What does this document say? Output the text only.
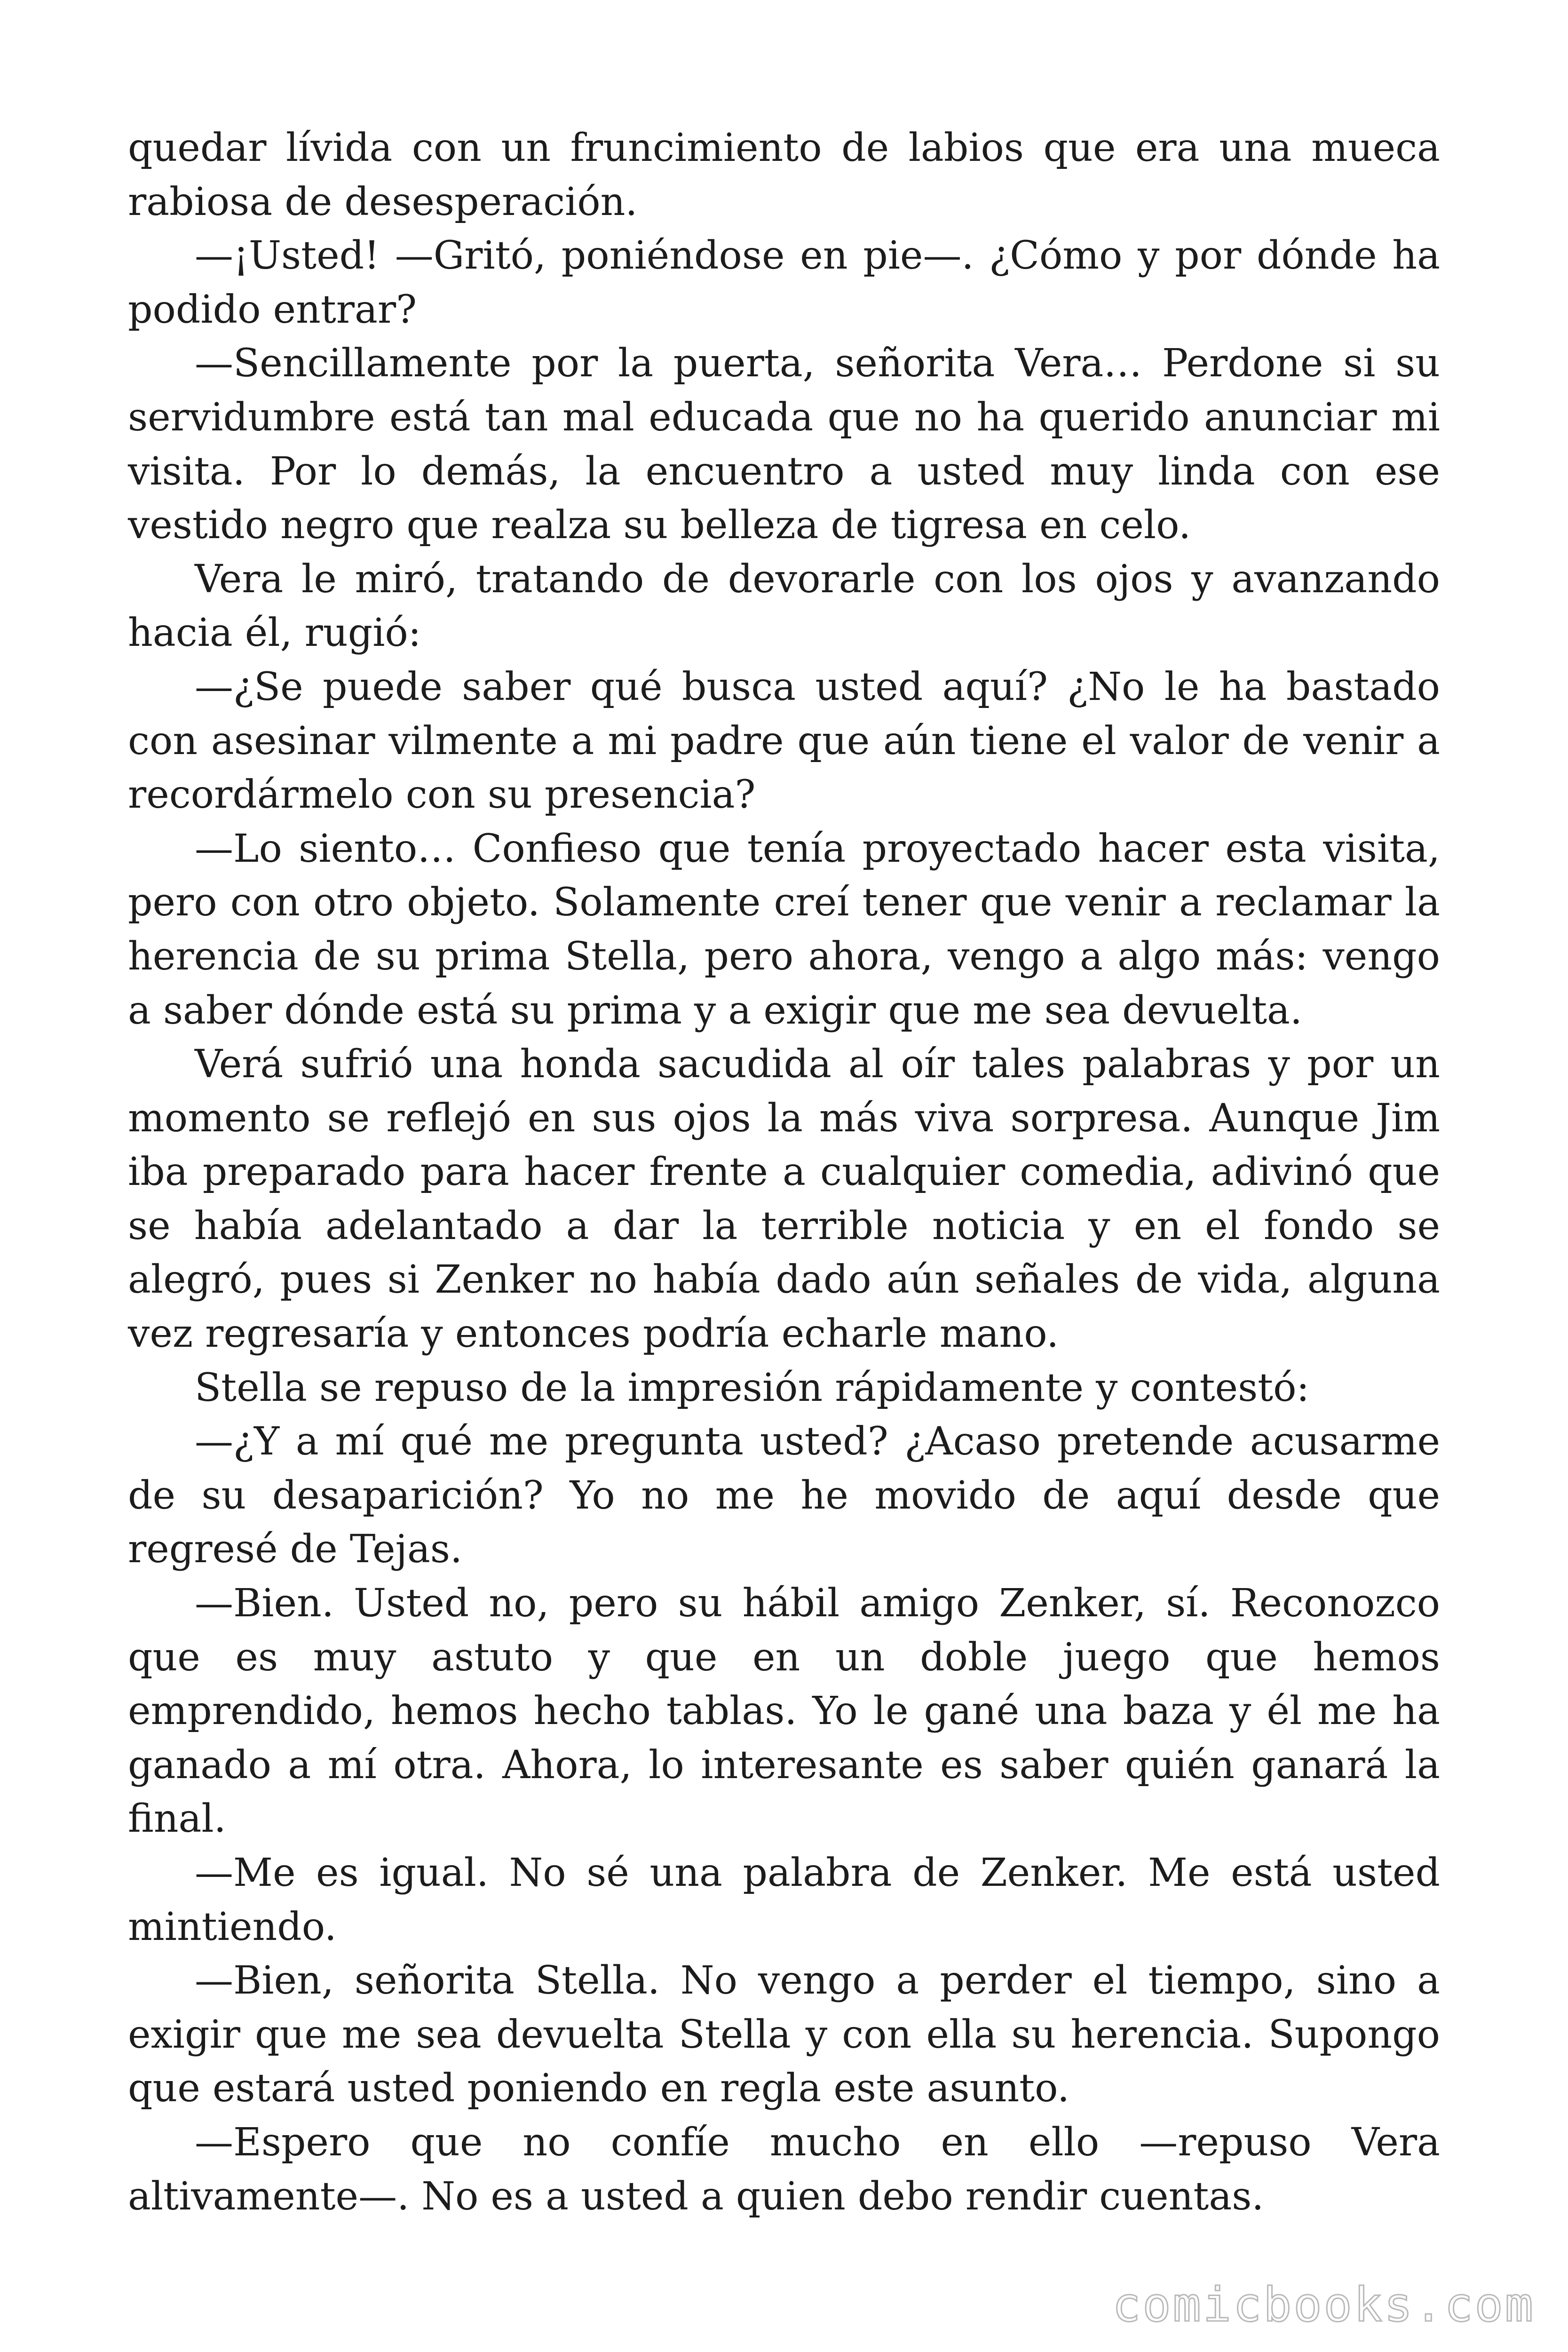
quedar lívida con un fruncimiento de labios que era una mueca rabiosa de desesperación.

—¡Usted! —Gritó, poniéndose en pie—. ¿Cómo y por dónde ha podido entrar?

—Sencillamente por la puerta, señorita Vera… Perdone si su servidumbre está tan mal educada que no ha querido anunciar mi visita. Por lo demás, la encuentro a usted muy linda con ese vestido negro que realza su belleza de tigresa en celo.

Vera le miró, tratando de devorarle con los ojos y avanzando hacia él, rugió:

—¿Se puede saber qué busca usted aquí? ¿No le ha bastado con asesinar vilmente a mi padre que aún tiene el valor de venir a recordármelo con su presencia?

—Lo siento… Confieso que tenía proyectado hacer esta visita, pero con otro objeto. Solamente creí tener que venir a reclamar la herencia de su prima Stella, pero ahora, vengo a algo más: vengo a saber dónde está su prima y a exigir que me sea devuelta.

Verá sufrió una honda sacudida al oír tales palabras y por un momento se reflejó en sus ojos la más viva sorpresa. Aunque Jim iba preparado para hacer frente a cualquier comedia, adivinó que se había adelantado a dar la terrible noticia y en el fondo se alegró, pues si Zenker no había dado aún señales de vida, alguna vez regresaría y entonces podría echarle mano.

Stella se repuso de la impresión rápidamente y contestó:

—¿Y a mí qué me pregunta usted? ¿Acaso pretende acusarme de su desaparición? Yo no me he movido de aquí desde que regresé de Tejas.

—Bien. Usted no, pero su hábil amigo Zenker, sí. Reconozco que es muy astuto y que en un doble juego que hemos emprendido, hemos hecho tablas. Yo le gané una baza y él me ha ganado a mí otra. Ahora, lo interesante es saber quién ganará la final.

—Me es igual. No sé una palabra de Zenker. Me está usted mintiendo.

—Bien, señorita Stella. No vengo a perder el tiempo, sino a exigir que me sea devuelta Stella y con ella su herencia. Supongo que estará usted poniendo en regla este asunto.

—Espero que no confíe mucho en ello —repuso Vera altivamente—. No es a usted a quien debo rendir cuentas.

comicbooks.com
